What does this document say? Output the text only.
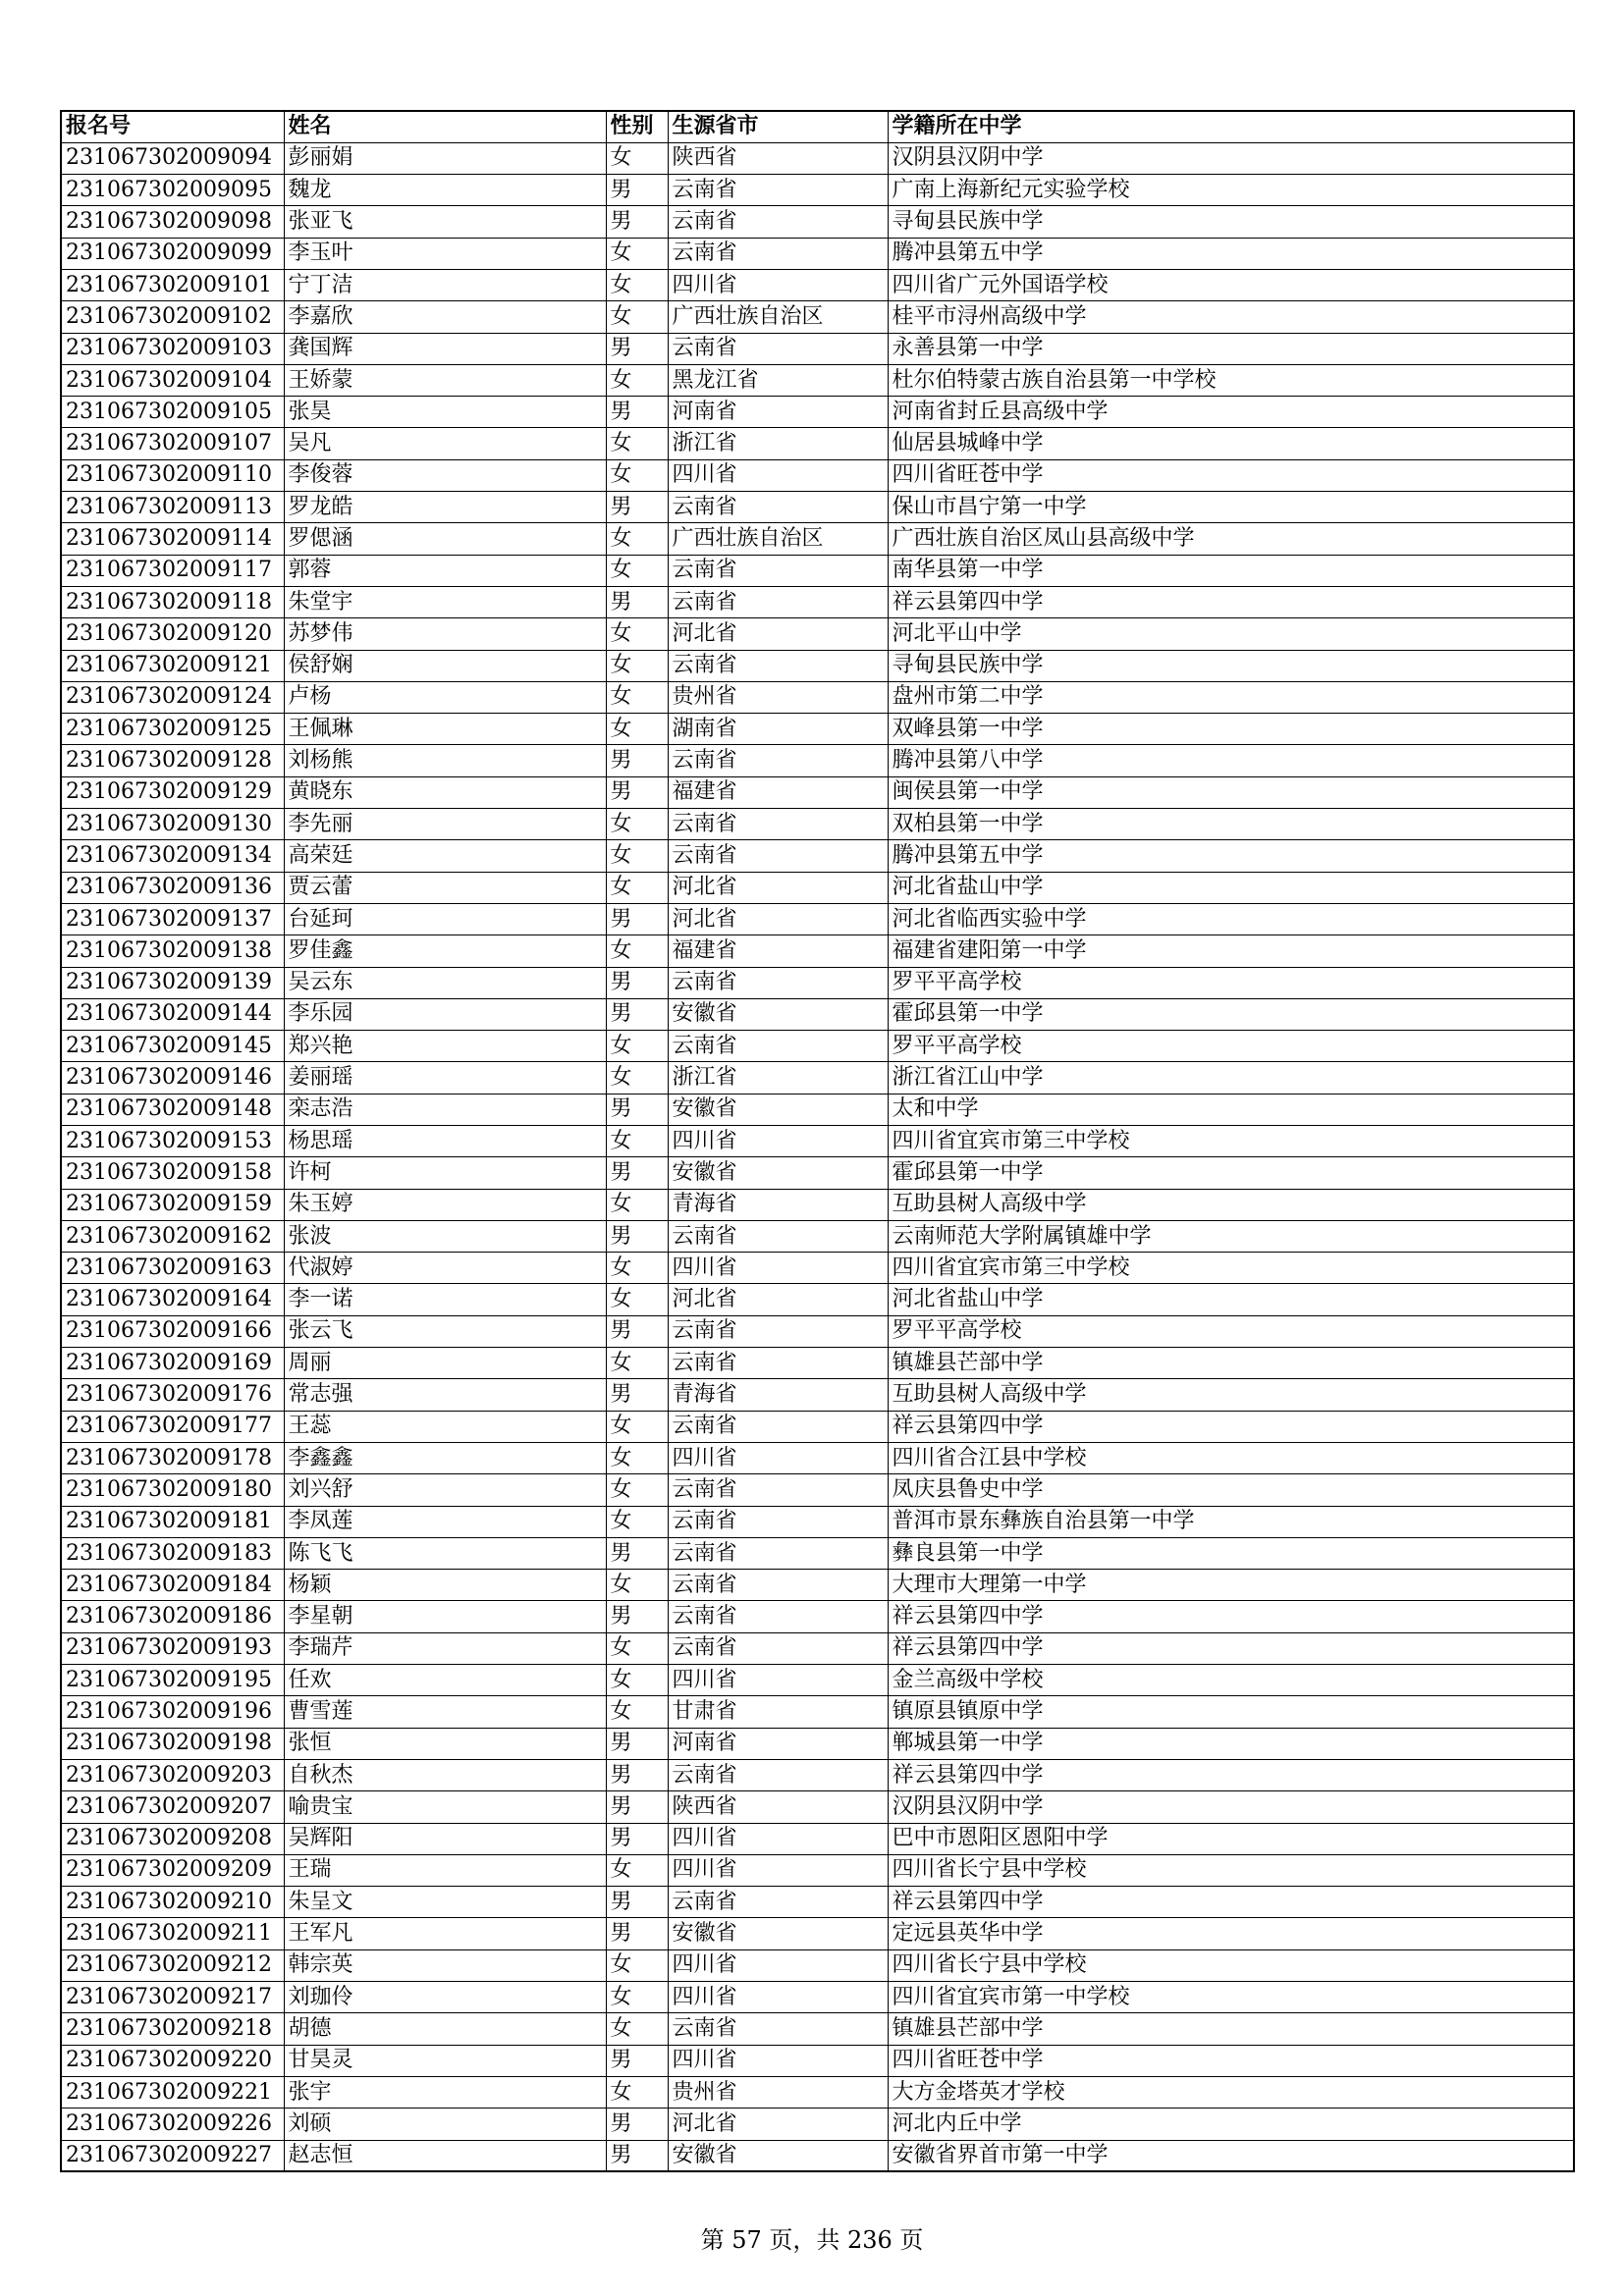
报名号	姓名	性别	生源省市	学籍所在中学
231067302009094	彭丽娟	女	陕西省	汉阴县汉阴中学
231067302009095	魏龙	男	云南省	广南上海新纪元实验学校
231067302009098	张亚飞	男	云南省	寻甸县民族中学
231067302009099	李玉叶	女	云南省	腾冲县第五中学
231067302009101	宁丁洁	女	四川省	四川省广元外国语学校
231067302009102	李嘉欣	女	广西壮族自治区	桂平市浔州高级中学
231067302009103	龚国辉	男	云南省	永善县第一中学
231067302009104	王娇蒙	女	黑龙江省	杜尔伯特蒙古族自治县第一中学校
231067302009105	张昊	男	河南省	河南省封丘县高级中学
231067302009107	吴凡	女	浙江省	仙居县城峰中学
231067302009110	李俊蓉	女	四川省	四川省旺苍中学
231067302009113	罗龙皓	男	云南省	保山市昌宁第一中学
231067302009114	罗偲涵	女	广西壮族自治区	广西壮族自治区凤山县高级中学
231067302009117	郭蓉	女	云南省	南华县第一中学
231067302009118	朱堂宇	男	云南省	祥云县第四中学
231067302009120	苏梦伟	女	河北省	河北平山中学
231067302009121	侯舒娴	女	云南省	寻甸县民族中学
231067302009124	卢杨	女	贵州省	盘州市第二中学
231067302009125	王佩琳	女	湖南省	双峰县第一中学
231067302009128	刘杨熊	男	云南省	腾冲县第八中学
231067302009129	黄晓东	男	福建省	闽侯县第一中学
231067302009130	李先丽	女	云南省	双柏县第一中学
231067302009134	高荣廷	女	云南省	腾冲县第五中学
231067302009136	贾云蕾	女	河北省	河北省盐山中学
231067302009137	台延珂	男	河北省	河北省临西实验中学
231067302009138	罗佳鑫	女	福建省	福建省建阳第一中学
231067302009139	吴云东	男	云南省	罗平平高学校
231067302009144	李乐园	男	安徽省	霍邱县第一中学
231067302009145	郑兴艳	女	云南省	罗平平高学校
231067302009146	姜丽瑶	女	浙江省	浙江省江山中学
231067302009148	栾志浩	男	安徽省	太和中学
231067302009153	杨思瑶	女	四川省	四川省宜宾市第三中学校
231067302009158	许柯	男	安徽省	霍邱县第一中学
231067302009159	朱玉婷	女	青海省	互助县树人高级中学
231067302009162	张波	男	云南省	云南师范大学附属镇雄中学
231067302009163	代淑婷	女	四川省	四川省宜宾市第三中学校
231067302009164	李一诺	女	河北省	河北省盐山中学
231067302009166	张云飞	男	云南省	罗平平高学校
231067302009169	周丽	女	云南省	镇雄县芒部中学
231067302009176	常志强	男	青海省	互助县树人高级中学
231067302009177	王蕊	女	云南省	祥云县第四中学
231067302009178	李鑫鑫	女	四川省	四川省合江县中学校
231067302009180	刘兴舒	女	云南省	凤庆县鲁史中学
231067302009181	李凤莲	女	云南省	普洱市景东彝族自治县第一中学
231067302009183	陈飞飞	男	云南省	彝良县第一中学
231067302009184	杨颖	女	云南省	大理市大理第一中学
231067302009186	李星朝	男	云南省	祥云县第四中学
231067302009193	李瑞芹	女	云南省	祥云县第四中学
231067302009195	任欢	女	四川省	金兰高级中学校
231067302009196	曹雪莲	女	甘肃省	镇原县镇原中学
231067302009198	张恒	男	河南省	郸城县第一中学
231067302009203	自秋杰	男	云南省	祥云县第四中学
231067302009207	喻贵宝	男	陕西省	汉阴县汉阴中学
231067302009208	吴辉阳	男	四川省	巴中市恩阳区恩阳中学
231067302009209	王瑞	女	四川省	四川省长宁县中学校
231067302009210	朱呈文	男	云南省	祥云县第四中学
231067302009211	王军凡	男	安徽省	定远县英华中学
231067302009212	韩宗英	女	四川省	四川省长宁县中学校
231067302009217	刘珈伶	女	四川省	四川省宜宾市第一中学校
231067302009218	胡德	女	云南省	镇雄县芒部中学
231067302009220	甘昊灵	男	四川省	四川省旺苍中学
231067302009221	张宇	女	贵州省	大方金塔英才学校
231067302009226	刘硕	男	河北省	河北内丘中学
231067302009227	赵志恒	男	安徽省	安徽省界首市第一中学
第 57 页，共 236 页
